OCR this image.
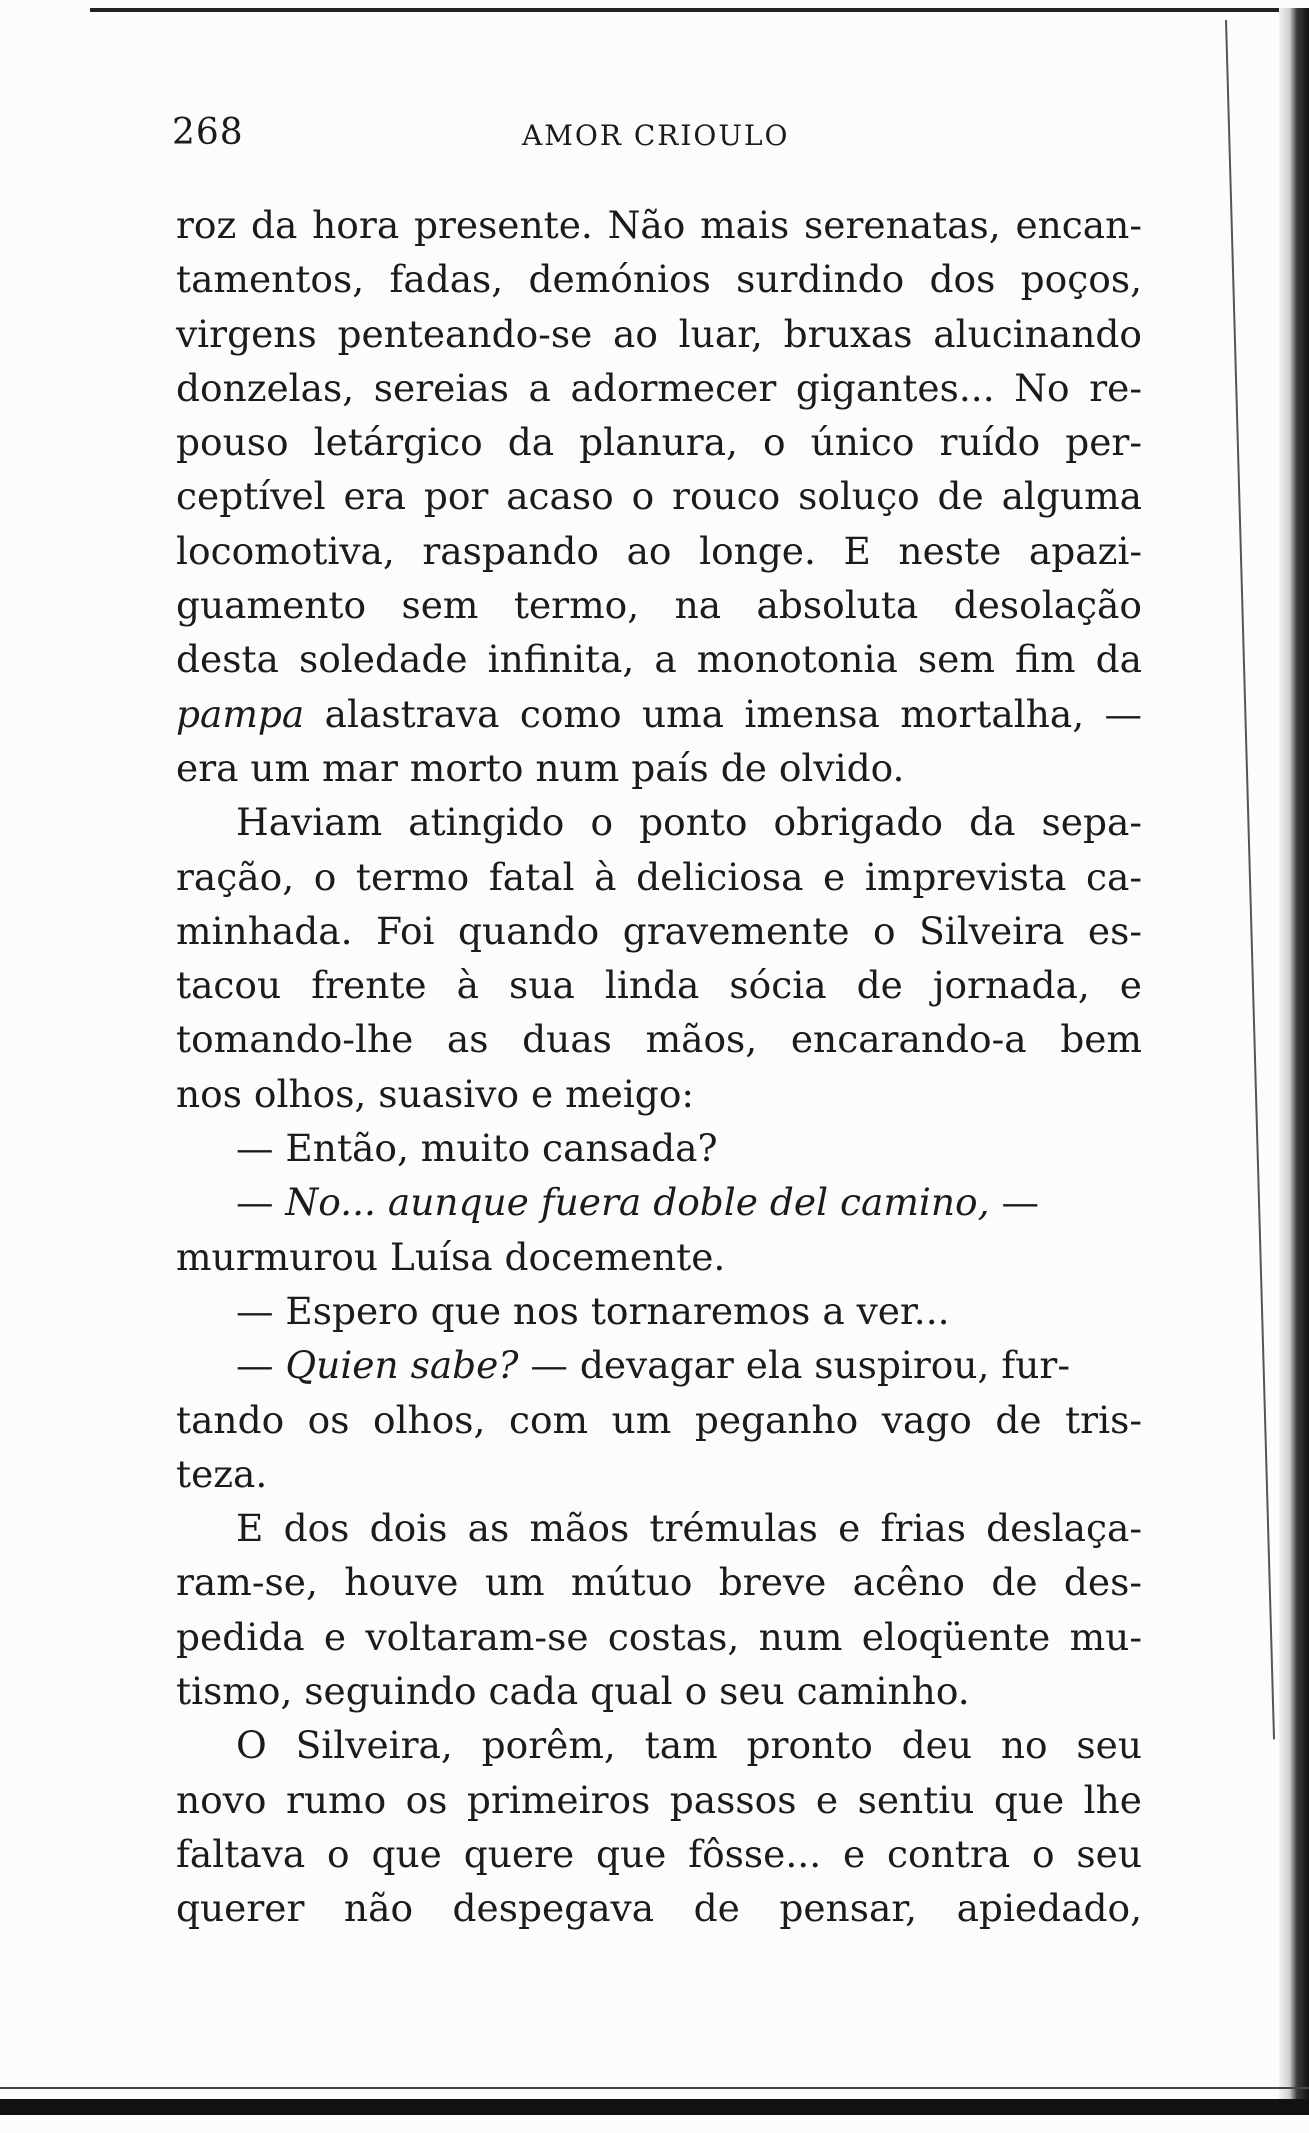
268	AMOR CRIOULO
roz da hora presente. Não mais serenatas, encan-
tamentos, fadas, demónios surdindo dos poços,
virgens penteando-se ao luar, bruxas alucinando
donzelas, sereias a adormecer gigantes... No re-
pouso letárgico da planura, o único ruído per-
ceptível era por acaso o rouco soluço de alguma
locomotiva, raspando ao longe. E neste apazi-
guamento sem termo, na absoluta desolação
desta soledade infinita, a monotonia sem fim da
pampa alastrava como uma imensa mortalha, —
era um mar morto num país de olvido.
Haviam atingido o ponto obrigado da sepa-
ração, o termo fatal à deliciosa e imprevista ca-
minhada. Foi quando gravemente o Silveira es-
tacou frente à sua linda sócia de jornada, e
tomando-lhe as duas mãos, encarando-a bem
nos olhos, suasivo e meigo:
— Então, muito cansada?
— No... aunque fuera doble del camino, —
murmurou Luísa docemente.
— Espero que nos tornaremos a ver...
— Quien sabe? — devagar ela suspirou, fur-
tando os olhos, com um peganho vago de tris-
teza.
E dos dois as mãos trémulas e frias deslaça-
ram-se, houve um mútuo breve acêno de des-
pedida e voltaram-se costas, num eloqüente mu-
tismo, seguindo cada qual o seu caminho.
O Silveira, porêm, tam pronto deu no seu
novo rumo os primeiros passos e sentiu que lhe
faltava o que quere que fôsse... e contra o seu
querer não despegava de pensar, apiedado,
